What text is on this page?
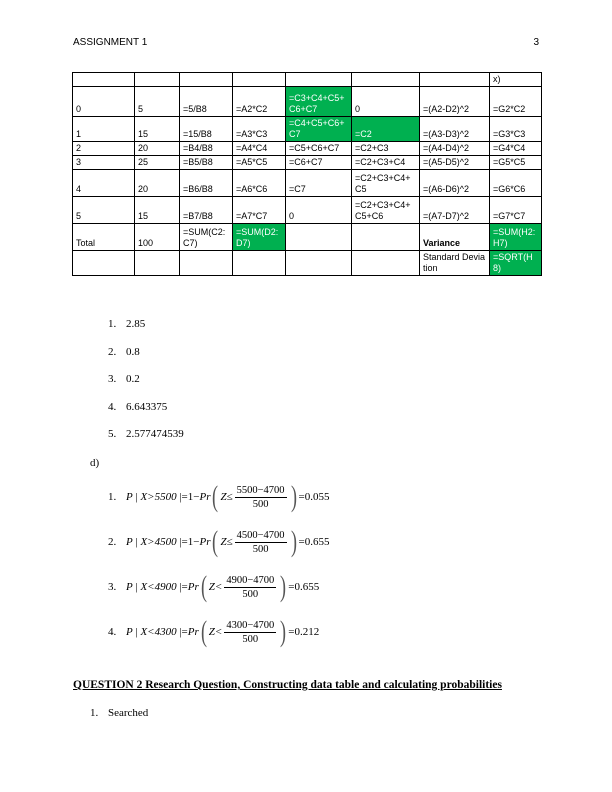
ASSIGNMENT 1	3
							x)
0	5	=5/B8	=A2*C2	=C3+C4+C5+C6+C7	0	=(A2-D2)^2	=G2*C2
1	15	=15/B8	=A3*C3	=C4+C5+C6+C7	=C2	=(A3-D3)^2	=G3*C3
2	20	=B4/B8	=A4*C4	=C5+C6+C7	=C2+C3	=(A4-D4)^2	=G4*C4
3	25	=B5/B8	=A5*C5	=C6+C7	=C2+C3+C4	=(A5-D5)^2	=G5*C5
4	20	=B6/B8	=A6*C6	=C7	=C2+C3+C4+C5	=(A6-D6)^2	=G6*C6
5	15	=B7/B8	=A7*C7	0	=C2+C3+C4+C5+C6	=(A7-D7)^2	=G7*C7
Total	100	=SUM(C2:C7)	=SUM(D2:D7)			Variance	=SUM(H2:H7)
						Standard Deviation	=SQRT(H8)
1. 2.85
2. 0.8
3. 0.2
4. 6.643375
5. 2.577474539
d)
1. P
|
X>5500
| =1− Pr ( $Z\le \frac{5500-4700}{500}$ ) =0.055
2. P
|
X>4500
| =1− Pr ( $Z\le \frac{4500-4700}{500}$ ) =0.655
3. P
|
X<4900
| = Pr ( $Z< \frac{4900-4700}{500}$ ) =0.655
4. P
|
X<4300
| = Pr ( $Z< \frac{4300-4700}{500}$ ) =0.212
QUESTION 2 Research Question, Constructing data table and calculating probabilities
1. Searched
